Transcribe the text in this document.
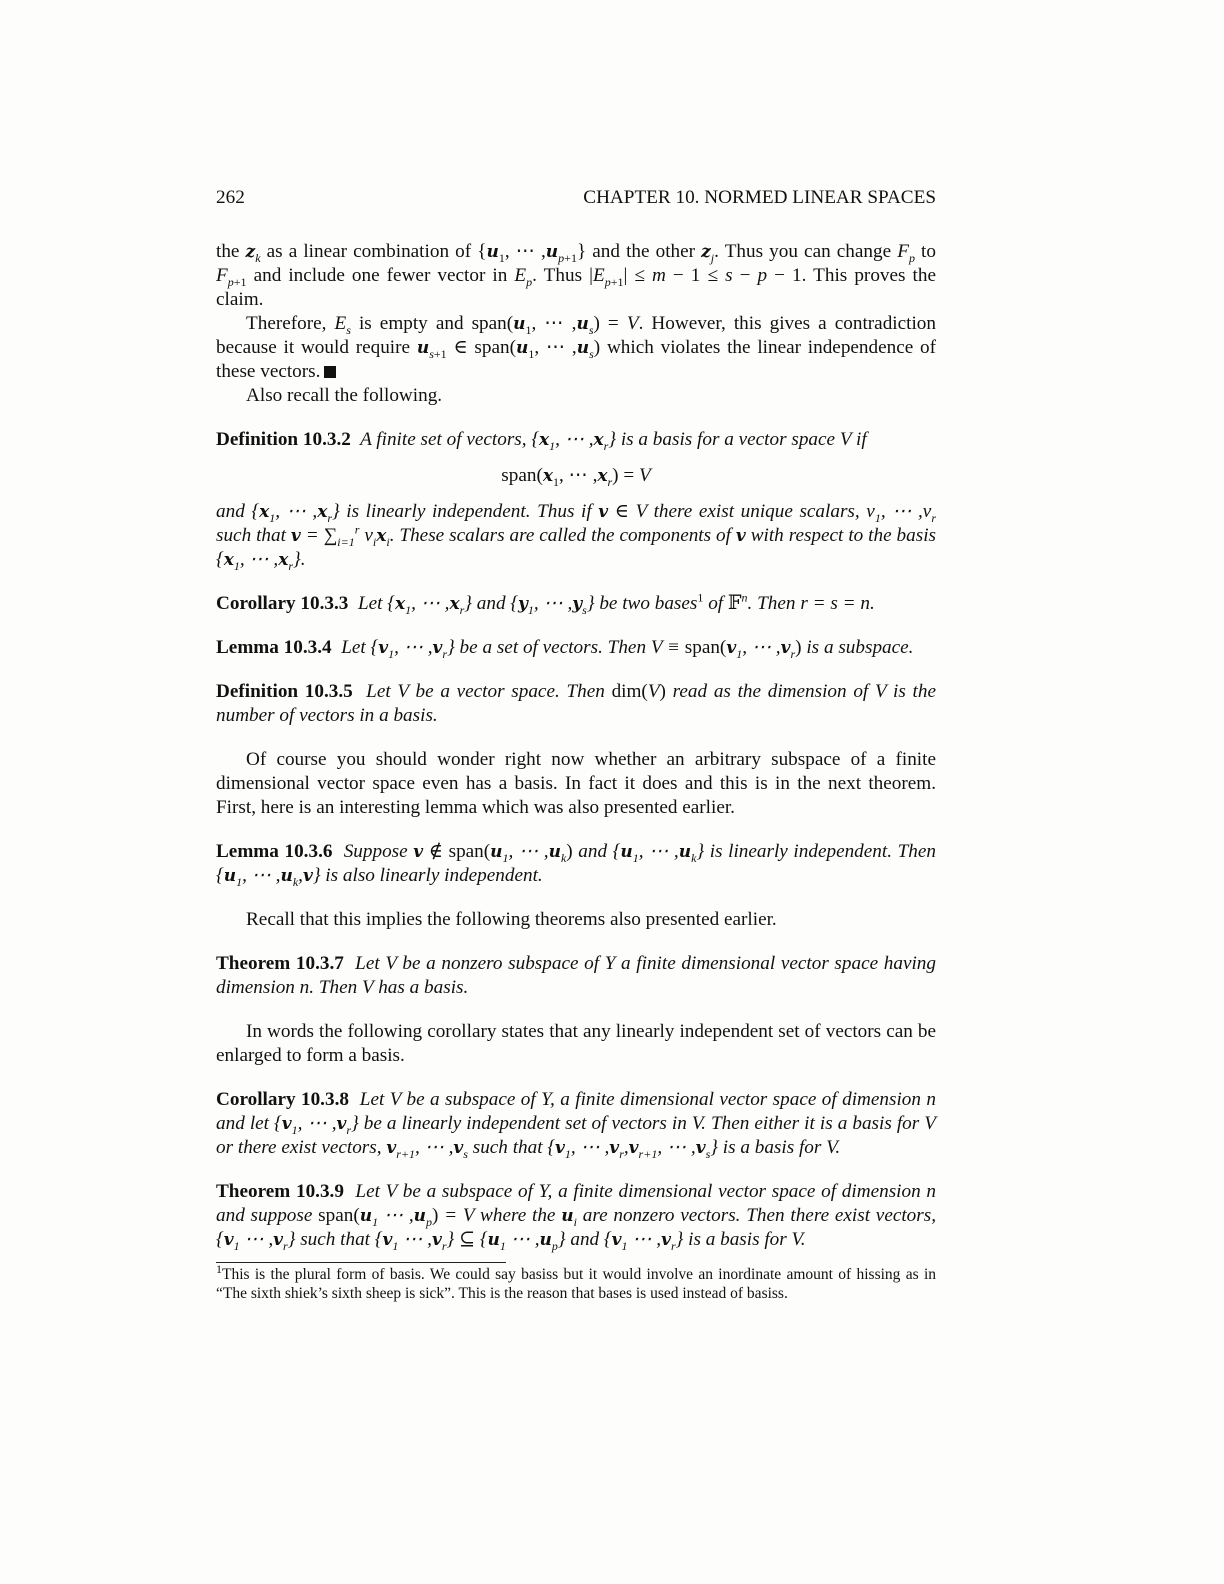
262	CHAPTER 10. NORMED LINEAR SPACES

the $z_k$ as a linear combination of {$u_1$, ⋯ $,u_{p+1}$} and the other $z_j$. Thus you can change $F_p$ to $F_{p+1}$ and include one fewer vector in $E_p$. Thus $|E_{p+1}| \le m - 1 \le s - p - 1$. This proves the claim.

Therefore, $E_s$ is empty and $span(u_1$, ⋯ $,u_s) = V$. However, this gives a contradiction because it would require $u_{s+1}$ ∈ $span(u_1$, ⋯ $,u_s$) which violates the linear independence of these vectors.

Also recall the following.

Definition 10.3.2  A finite set of vectors, {$x_1$, ⋯ $,x_r$} is a basis for a vector space V if

$span(x_1$, ⋯ $,x_r) = V$

and {$x_1$, ⋯ $,x_r$} is linearly independent. Thus if v ∈ V there exist unique scalars, $v_1$, ⋯ $,v_r$ such that $v = \sum_{i=1}^r$ $v_ix_i$. These scalars are called the components of v with respect to the basis {$x_1$, ⋯ $,x_r$}.

Corollary 10.3.3  Let {$x_1$, ⋯ $,x_r$} and {$y_1$, ⋯ $,y_s$} be two bases$^1$ of 𝔽$^n$. Then r = s = n.

Lemma 10.3.4  Let {$v_1$, ⋯ $,v_r$} be a set of vectors. Then $V \equiv span(v_1$, ⋯ $,v_r$) is a subspace.

Definition 10.3.5  Let V be a vector space. Then dim(V) read as the dimension of V is the number of vectors in a basis.

Of course you should wonder right now whether an arbitrary subspace of a finite dimensional vector space even has a basis. In fact it does and this is in the next theorem. First, here is an interesting lemma which was also presented earlier.

Lemma 10.3.6  Suppose v ∉ $span(u_1$, ⋯ $,u_k$) and {$u_1$, ⋯ $,u_k$} is linearly independent. Then {$u_1$, ⋯ $,u_k,v$} is also linearly independent.

Recall that this implies the following theorems also presented earlier.

Theorem 10.3.7  Let V be a nonzero subspace of Y a finite dimensional vector space having dimension n. Then V has a basis.

In words the following corollary states that any linearly independent set of vectors can be enlarged to form a basis.

Corollary 10.3.8  Let V be a subspace of Y, a finite dimensional vector space of dimension n and let {$v_1$, ⋯ $,v_r$} be a linearly independent set of vectors in V. Then either it is a basis for V or there exist vectors, $v_{r+1}$, ⋯ $,v_s$ such that {$v_1$, ⋯ $,v_r,v_{r+1}$, ⋯ $,v_s$} is a basis for V.

Theorem 10.3.9  Let V be a subspace of Y, a finite dimensional vector space of dimension n and suppose $span(u_1$ ⋯ $,u_p) = V$ where the $u_i$ are nonzero vectors. Then there exist vectors, {$v_1$ ⋯ $,v_r$} such that {$v_1$ ⋯ $,v_r$} ⊆ {$u_1$ ⋯ $,u_p$} and {$v_1$ ⋯ $,v_r$} is a basis for V.

$^1$This is the plural form of basis. We could say basiss but it would involve an inordinate amount of hissing as in “The sixth shiek’s sixth sheep is sick”. This is the reason that bases is used instead of basiss.
